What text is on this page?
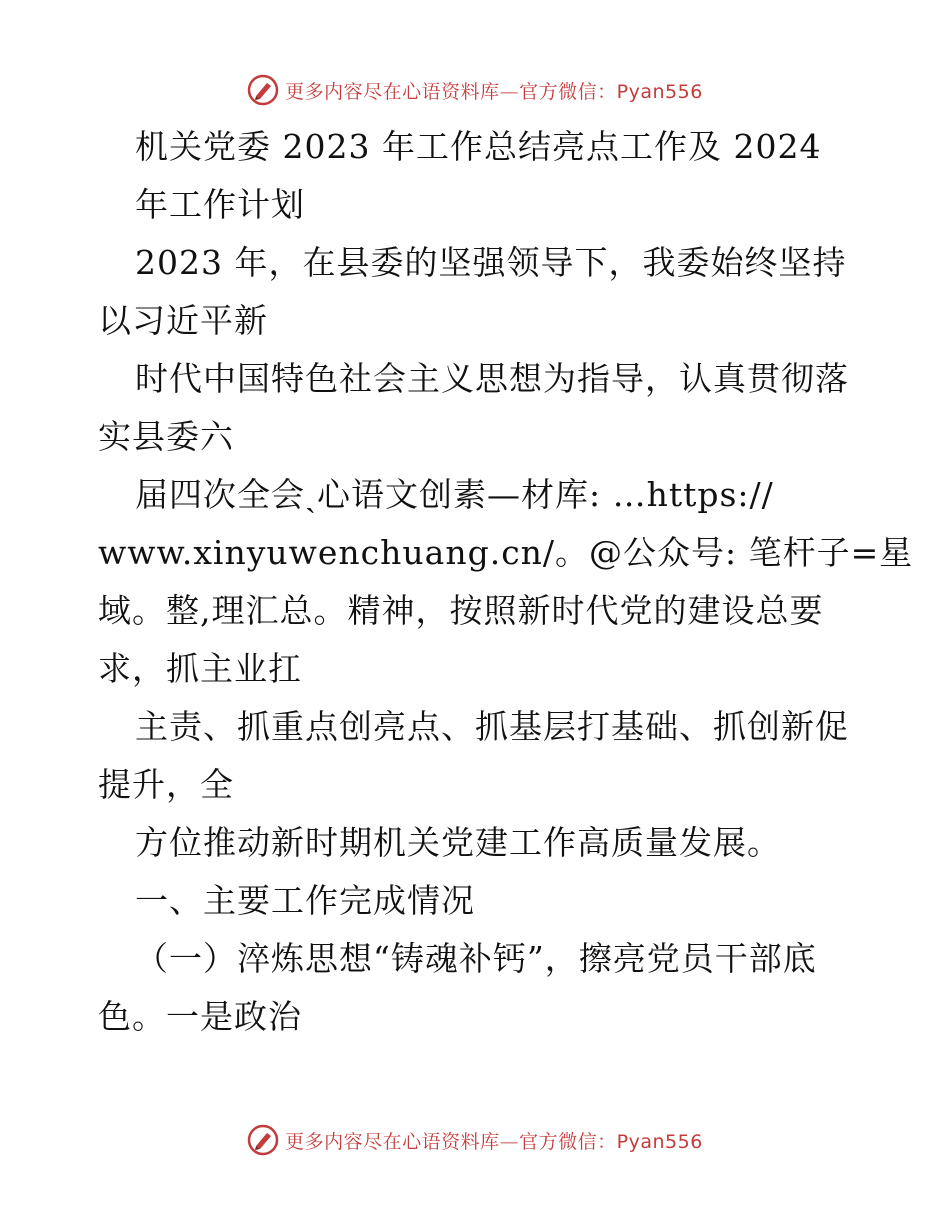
更多内容尽在心语资料库—官方微信：Pyan556
机关党委 2023 年工作总结亮点工作及 2024
年工作计划
2023 年，在县委的坚强领导下，我委始终坚持
以习近平新
时代中国特色社会主义思想为指导，认真贯彻落
实县委六
届四次全会ˎ心语文创素—材库: …https://
www.xinyuwenchuang.cn/。@公众号: 笔杆子=星
域。整,理汇总。精神，按照新时代党的建设总要
求，抓主业扛
主责、抓重点创亮点、抓基层打基础、抓创新促
提升，全
方位推动新时期机关党建工作高质量发展。
一、主要工作完成情况
（一）淬炼思想“铸魂补钙”，擦亮党员干部底
色。一是政治
更多内容尽在心语资料库—官方微信：Pyan556
